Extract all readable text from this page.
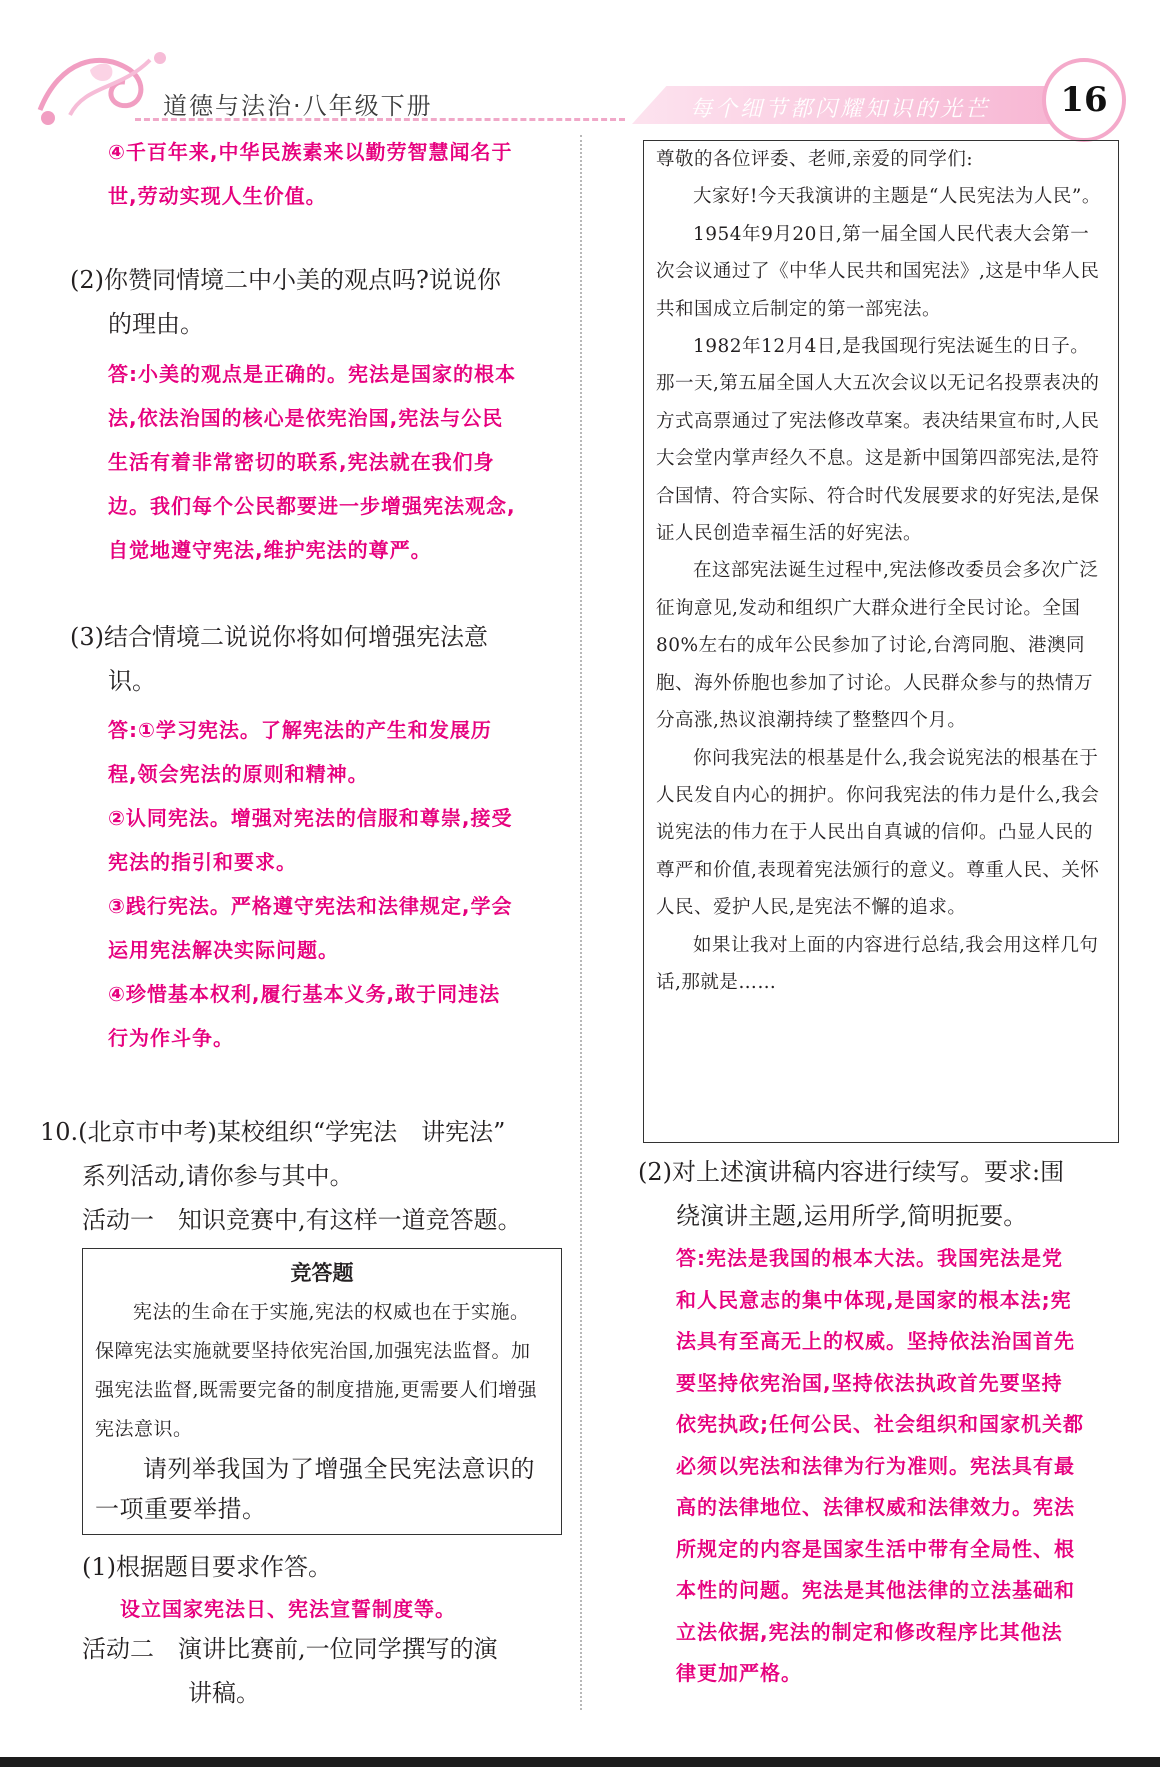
道德与法治·八年级下册	每个细节都闪耀知识的光芒 16

④千百年来,中华民族素来以勤劳智慧闻名于

世,劳动实现人生价值。

(2)你赞同情境二中小美的观点吗?说说你

的理由。

答:小美的观点是正确的。宪法是国家的根本

法,依法治国的核心是依宪治国,宪法与公民

生活有着非常密切的联系,宪法就在我们身

边。我们每个公民都要进一步增强宪法观念,

自觉地遵守宪法,维护宪法的尊严。

(3)结合情境二说说你将如何增强宪法意

识。

答:①学习宪法。了解宪法的产生和发展历

程,领会宪法的原则和精神。

②认同宪法。增强对宪法的信服和尊崇,接受

宪法的指引和要求。

③践行宪法。严格遵守宪法和法律规定,学会

运用宪法解决实际问题。

④珍惜基本权利,履行基本义务,敢于同违法

行为作斗争。

10.(北京市中考)某校组织“学宪法　讲宪法”

系列活动,请你参与其中。

活动一　知识竞赛中,有这样一道竞答题。

竞答题

宪法的生命在于实施,宪法的权威也在于实施。保障宪法实施就要坚持依宪治国,加强宪法监督。加强宪法监督,既需要完备的制度措施,更需要人们增强宪法意识。

请列举我国为了增强全民宪法意识的一项重要举措。

(1)根据题目要求作答。

设立国家宪法日、宪法宣誓制度等。

活动二　演讲比赛前,一位同学撰写的演

讲稿。

尊敬的各位评委、老师,亲爱的同学们:

大家好!今天我演讲的主题是“人民宪法为人民”。

1954年9月20日,第一届全国人民代表大会第一次会议通过了《中华人民共和国宪法》,这是中华人民共和国成立后制定的第一部宪法。

1982年12月4日,是我国现行宪法诞生的日子。那一天,第五届全国人大五次会议以无记名投票表决的方式高票通过了宪法修改草案。表决结果宣布时,人民大会堂内掌声经久不息。这是新中国第四部宪法,是符合国情、符合实际、符合时代发展要求的好宪法,是保证人民创造幸福生活的好宪法。

在这部宪法诞生过程中,宪法修改委员会多次广泛征询意见,发动和组织广大群众进行全民讨论。全国80%左右的成年公民参加了讨论,台湾同胞、港澳同胞、海外侨胞也参加了讨论。人民群众参与的热情万分高涨,热议浪潮持续了整整四个月。

你问我宪法的根基是什么,我会说宪法的根基在于人民发自内心的拥护。你问我宪法的伟力是什么,我会说宪法的伟力在于人民出自真诚的信仰。凸显人民的尊严和价值,表现着宪法颁行的意义。尊重人民、关怀人民、爱护人民,是宪法不懈的追求。

如果让我对上面的内容进行总结,我会用这样几句话,那就是……

(2)对上述演讲稿内容进行续写。要求:围

绕演讲主题,运用所学,简明扼要。

答:宪法是我国的根本大法。我国宪法是党

和人民意志的集中体现,是国家的根本法;宪

法具有至高无上的权威。坚持依法治国首先

要坚持依宪治国,坚持依法执政首先要坚持

依宪执政;任何公民、社会组织和国家机关都

必须以宪法和法律为行为准则。宪法具有最

高的法律地位、法律权威和法律效力。宪法

所规定的内容是国家生活中带有全局性、根

本性的问题。宪法是其他法律的立法基础和

立法依据,宪法的制定和修改程序比其他法

律更加严格。
